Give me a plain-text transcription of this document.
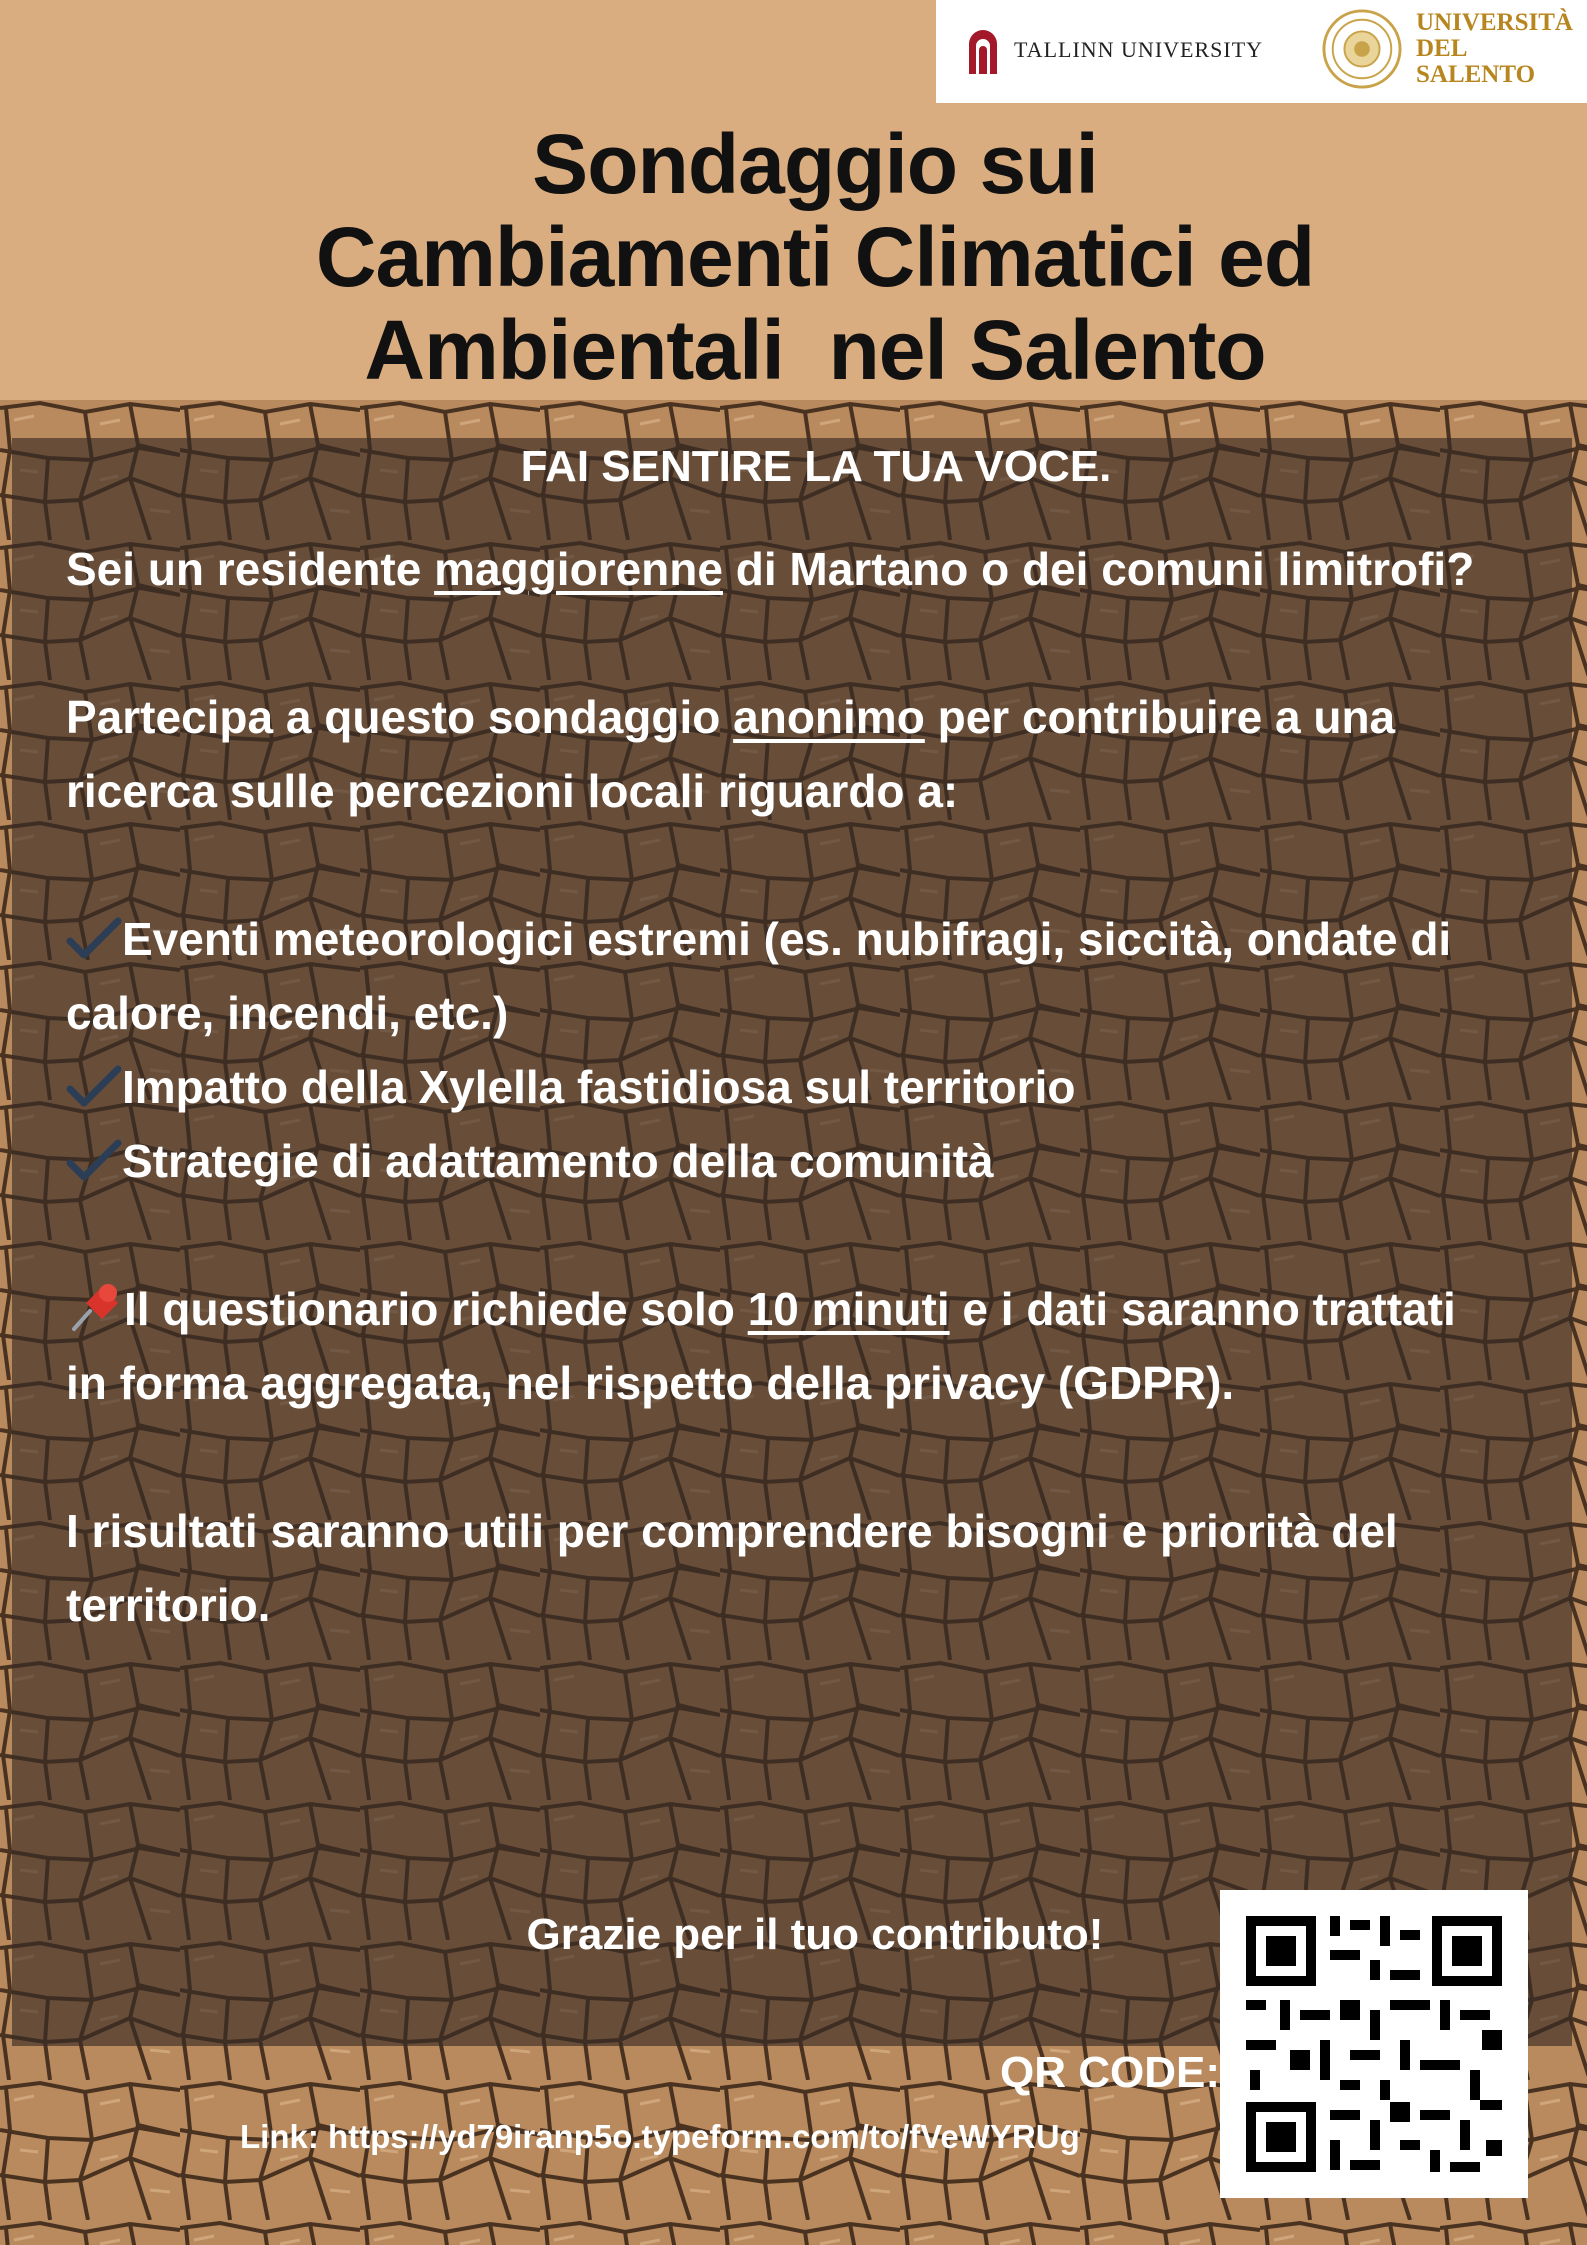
TALLINN UNIVERSITY
UNIVERSITÀ
DEL SALENTO
Sondaggio sui
Cambiamenti Climatici ed
Ambientali  nel Salento
FAI SENTIRE LA TUA VOCE.
Sei un residente maggiorenne di Martano o dei comuni limitrofi?
Partecipa a questo sondaggio anonimo per contribuire a una ricerca sulle percezioni locali riguardo a:
Eventi meteorologici estremi (es. nubifragi, siccità, ondate di calore, incendi, etc.)
Impatto della Xylella fastidiosa sul territorio
Strategie di adattamento della comunità
Il questionario richiede solo 10 minuti e i dati saranno trattati in forma aggregata, nel rispetto della privacy (GDPR).
I risultati saranno utili per comprendere bisogni e priorità del territorio.
Grazie per il tuo contributo!
QR CODE:
Link: https://yd79iranp5o.typeform.com/to/fVeWYRUg
